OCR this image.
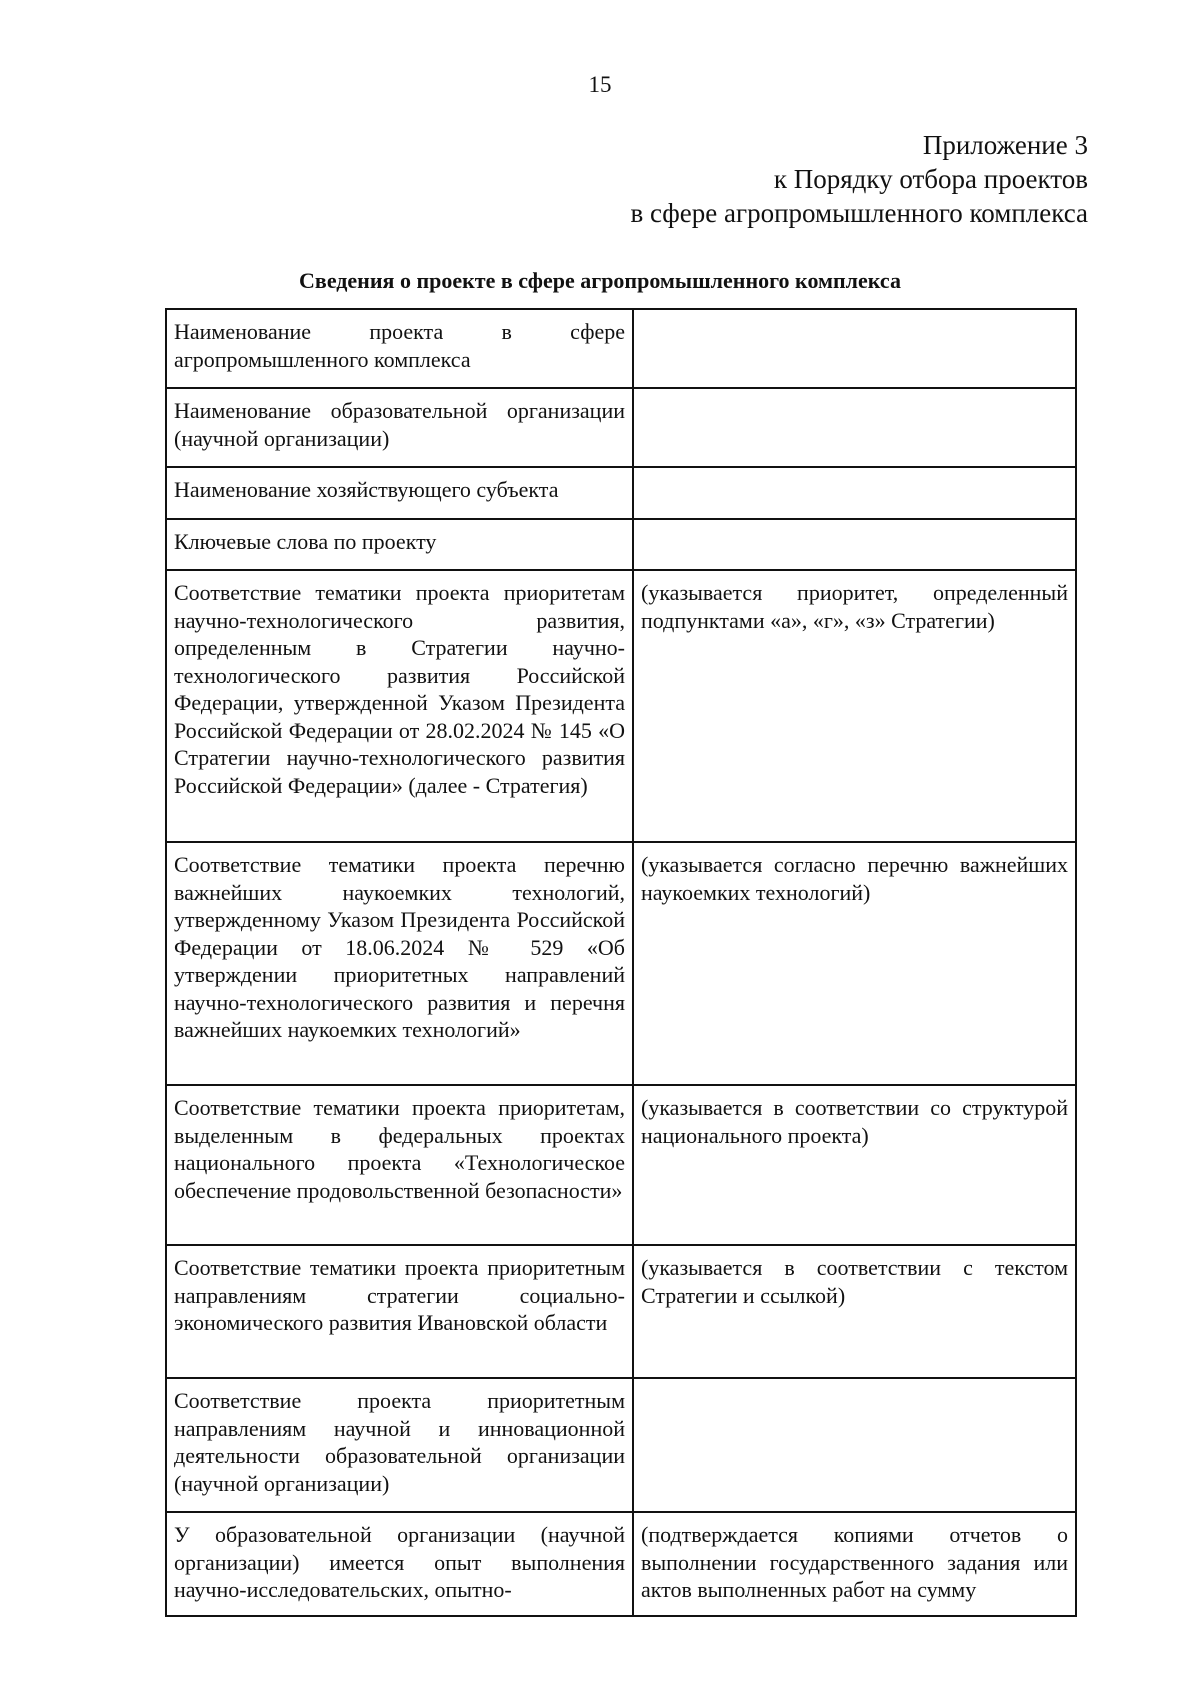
15
Приложение 3
к Порядку отбора проектов
в сфере агропромышленного комплекса
Сведения о проекте в сфере агропромышленного комплекса
Наименование проекта в сфере агропромышленного комплекса	
Наименование образовательной организации (научной организации)	
Наименование хозяйствующего субъекта	
Ключевые слова по проекту	
Соответствие тематики проекта приоритетам научно-технологического развития, определенным в Стратегии научно-технологического развития Российской Федерации, утвержденной Указом Президента Российской Федерации от 28.02.2024 № 145 «О Стратегии научно-технологического развития Российской Федерации» (далее - Стратегия)	(указывается приоритет, определенный подпунктами «а», «г», «з» Стратегии)
Соответствие тематики проекта перечню важнейших наукоемких технологий, утвержденному Указом Президента Российской Федерации от 18.06.2024 № 529 «Об утверждении приоритетных направлений научно-технологического развития и перечня важнейших наукоемких технологий»	(указывается согласно перечню важнейших наукоемких технологий)
Соответствие тематики проекта приоритетам, выделенным в федеральных проектах национального проекта «Технологическое обеспечение продовольственной безопасности»	(указывается в соответствии со структурой национального проекта)
Соответствие тематики проекта приоритетным направлениям стратегии социально-экономического развития Ивановской области	(указывается в соответствии с текстом Стратегии и ссылкой)
Соответствие проекта приоритетным направлениям научной и инновационной деятельности образовательной организации (научной организации)	
У образовательной организации (научной организации) имеется опыт выполнения научно-исследовательских, опытно-	(подтверждается копиями отчетов о выполнении государственного задания или актов выполненных работ на сумму
